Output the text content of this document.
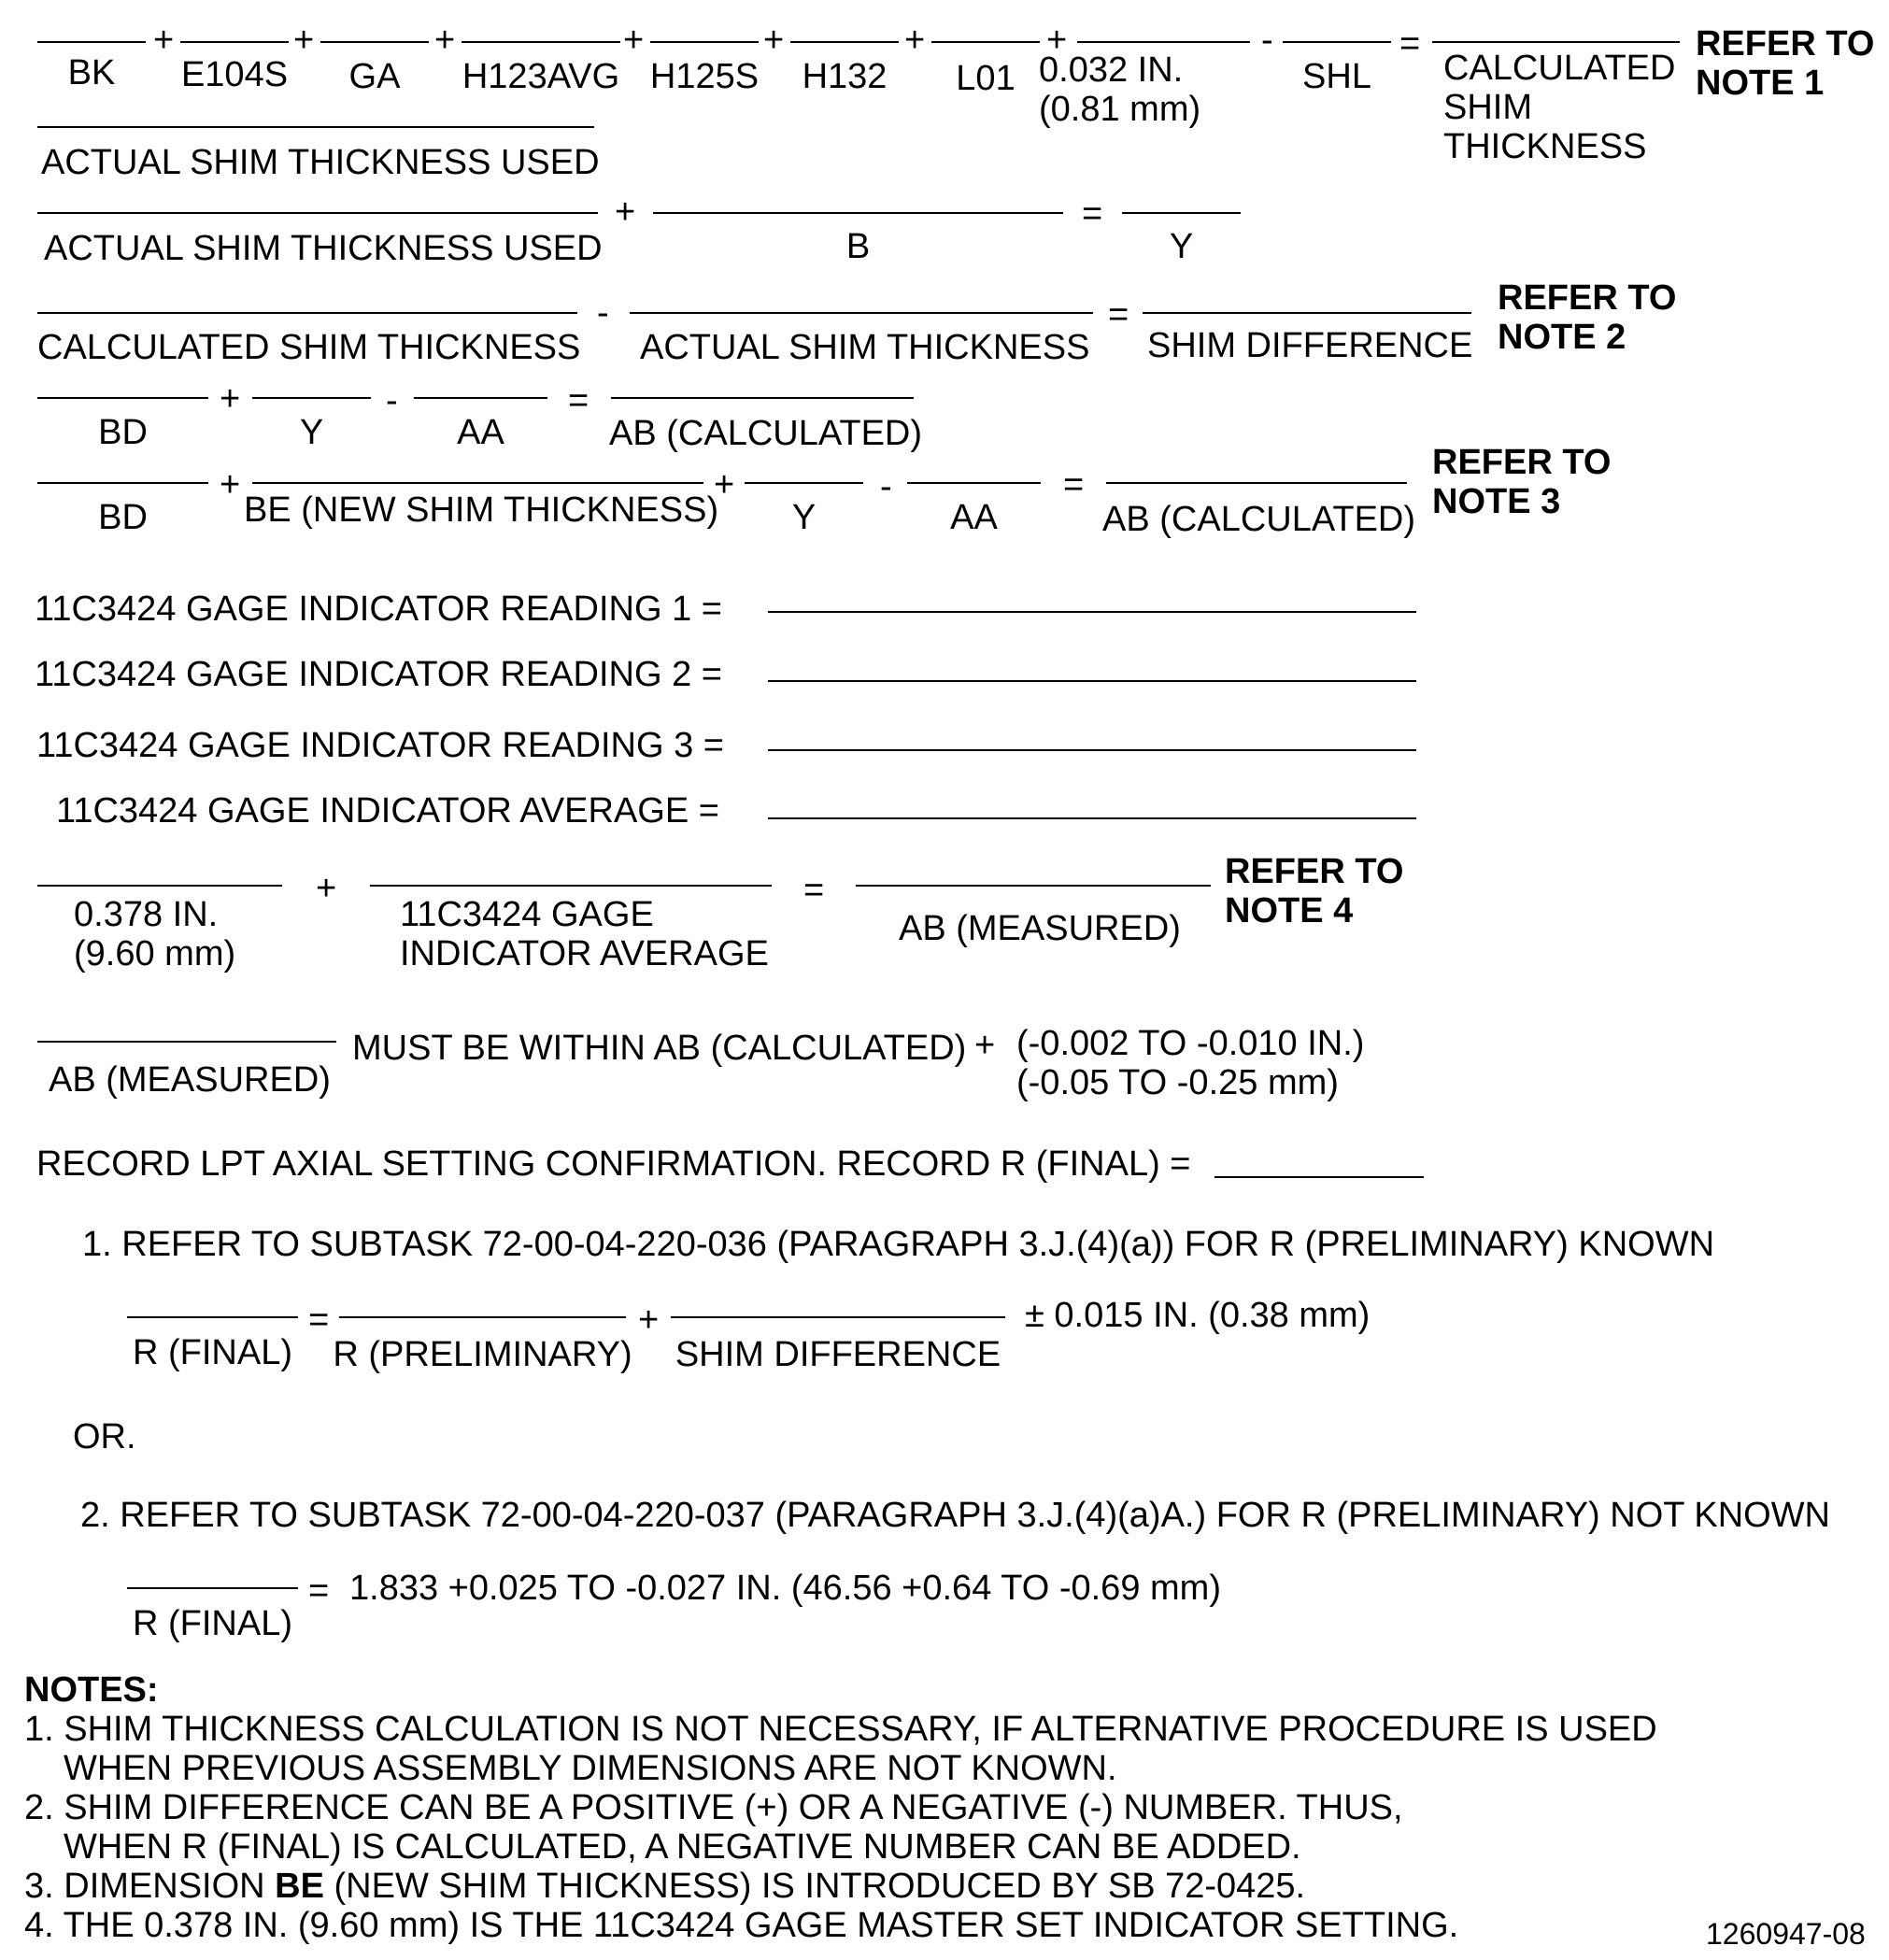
BK
+
E104S
+
GA
+
H123AVG
+
H125S
+
H132
+
L01
+
0.032 IN.
(0.81 mm)
-
SHL
=
CALCULATED
SHIM
THICKNESS
REFER TO
NOTE 1
ACTUAL SHIM THICKNESS USED
ACTUAL SHIM THICKNESS USED
+
B
=
Y
CALCULATED SHIM THICKNESS
-
ACTUAL SHIM THICKNESS
=
SHIM DIFFERENCE
REFER TO
NOTE 2
BD
+
Y
-
AA
=
AB (CALCULATED)
BD
+
BE (NEW SHIM THICKNESS)
+
Y
-
AA
=
AB (CALCULATED)
REFER TO
NOTE 3
11C3424 GAGE INDICATOR READING 1 =
11C3424 GAGE INDICATOR READING 2 =
11C3424 GAGE INDICATOR READING 3 =
11C3424 GAGE INDICATOR AVERAGE =
0.378 IN.
(9.60 mm)
+
11C3424 GAGE
INDICATOR AVERAGE
=
AB (MEASURED)
REFER TO
NOTE 4
AB (MEASURED)
MUST BE WITHIN AB (CALCULATED) + (-0.002 TO -0.010 IN.)
(-0.05 TO -0.25 mm)
RECORD LPT AXIAL SETTING CONFIRMATION. RECORD R (FINAL) =
1. REFER TO SUBTASK 72-00-04-220-036 (PARAGRAPH 3.J.(4)(a)) FOR R (PRELIMINARY) KNOWN
R (FINAL)
=
R (PRELIMINARY)
+
SHIM DIFFERENCE
± 0.015 IN. (0.38 mm)
OR.
2. REFER TO SUBTASK 72-00-04-220-037 (PARAGRAPH 3.J.(4)(a)A.) FOR R (PRELIMINARY) NOT KNOWN
R (FINAL)
= 1.833 +0.025 TO -0.027 IN. (46.56 +0.64 TO -0.69 mm)
NOTES:
1. SHIM THICKNESS CALCULATION IS NOT NECESSARY, IF ALTERNATIVE PROCEDURE IS USED
WHEN PREVIOUS ASSEMBLY DIMENSIONS ARE NOT KNOWN.
2. SHIM DIFFERENCE CAN BE A POSITIVE (+) OR A NEGATIVE (-) NUMBER. THUS,
WHEN R (FINAL) IS CALCULATED, A NEGATIVE NUMBER CAN BE ADDED.
3. DIMENSION BE (NEW SHIM THICKNESS) IS INTRODUCED BY SB 72-0425.
4. THE 0.378 IN. (9.60 mm) IS THE 11C3424 GAGE MASTER SET INDICATOR SETTING.	1260947-08
